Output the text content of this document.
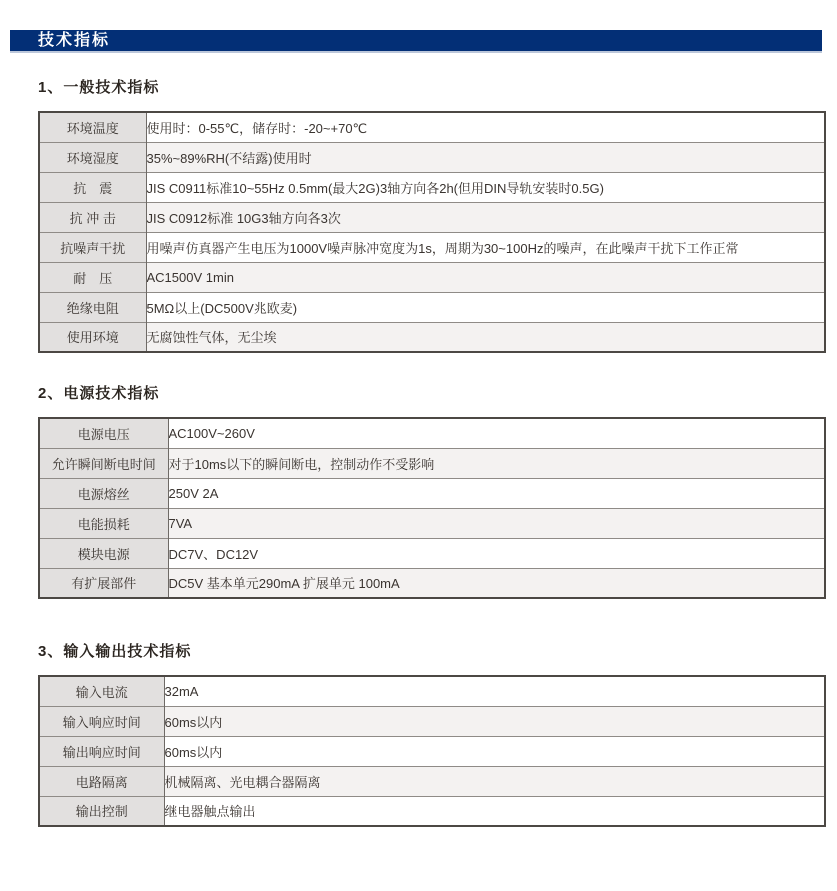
技术指标
1、一般技术指标
环境温度	使用时：0-55℃，储存时：-20~+70℃
环境湿度	35%~89%RH(不结露)使用时
抗　震	JIS C0911标准10~55Hz 0.5mm(最大2G)3轴方向各2h(但用DIN导轨安装时0.5G)
抗 冲 击	JIS C0912标准 10G3轴方向各3次
抗噪声干扰	用噪声仿真器产生电压为1000V噪声脉冲宽度为1s，周期为30~100Hz的噪声，在此噪声干扰下工作正常
耐　压	AC1500V 1min
绝缘电阻	5MΩ以上(DC500V兆欧麦)
使用环境	无腐蚀性气体，无尘埃
2、电源技术指标
电源电压	AC100V~260V
允许瞬间断电时间	对于10ms以下的瞬间断电，控制动作不受影响
电源熔丝	250V 2A
电能损耗	7VA
模块电源	DC7V、DC12V
有扩展部件	DC5V 基本单元290mA 扩展单元 100mA
3、输入输出技术指标
输入电流	32mA
输入响应时间	60ms以内
输出响应时间	60ms以内
电路隔离	机械隔离、光电耦合器隔离
输出控制	继电器触点输出
